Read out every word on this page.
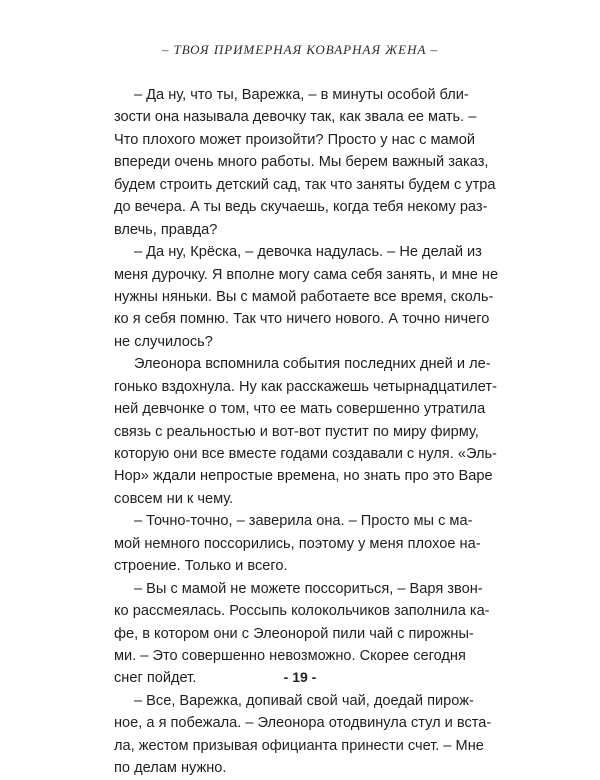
– ТВОЯ ПРИМЕРНАЯ КОВАРНАЯ ЖЕНА –
– Да ну, что ты, Варежка, – в минуты особой бли-
зости она называла девочку так, как звала ее мать. –
Что плохого может произойти? Просто у нас с мамой
впереди очень много работы. Мы берем важный заказ,
будем строить детский сад, так что заняты будем с утра
до вечера. А ты ведь скучаешь, когда тебя некому раз-
влечь, правда?
– Да ну, Крёска, – девочка надулась. – Не делай из
меня дурочку. Я вполне могу сама себя занять, и мне не
нужны няньки. Вы с мамой работаете все время, сколь-
ко я себя помню. Так что ничего нового. А точно ничего
не случилось?
Элеонора вспомнила события последних дней и ле-
гонько вздохнула. Ну как расскажешь четырнадцатилет-
ней девчонке о том, что ее мать совершенно утратила
связь с реальностью и вот-вот пустит по миру фирму,
которую они все вместе годами создавали с нуля. «Эль-
Нор» ждали непростые времена, но знать про это Варе
совсем ни к чему.
– Точно-точно, – заверила она. – Просто мы с ма-
мой немного поссорились, поэтому у меня плохое на-
строение. Только и всего.
– Вы с мамой не можете поссориться, – Варя звон-
ко рассмеялась. Россыпь колокольчиков заполнила ка-
фе, в котором они с Элеонорой пили чай с пирожны-
ми. – Это совершенно невозможно. Скорее сегодня
снег пойдет.
– Все, Варежка, допивай свой чай, доедай пирож-
ное, а я побежала. – Элеонора отодвинула стул и вста-
ла, жестом призывая официанта принести счет. – Мне
по делам нужно.
- 19 -
